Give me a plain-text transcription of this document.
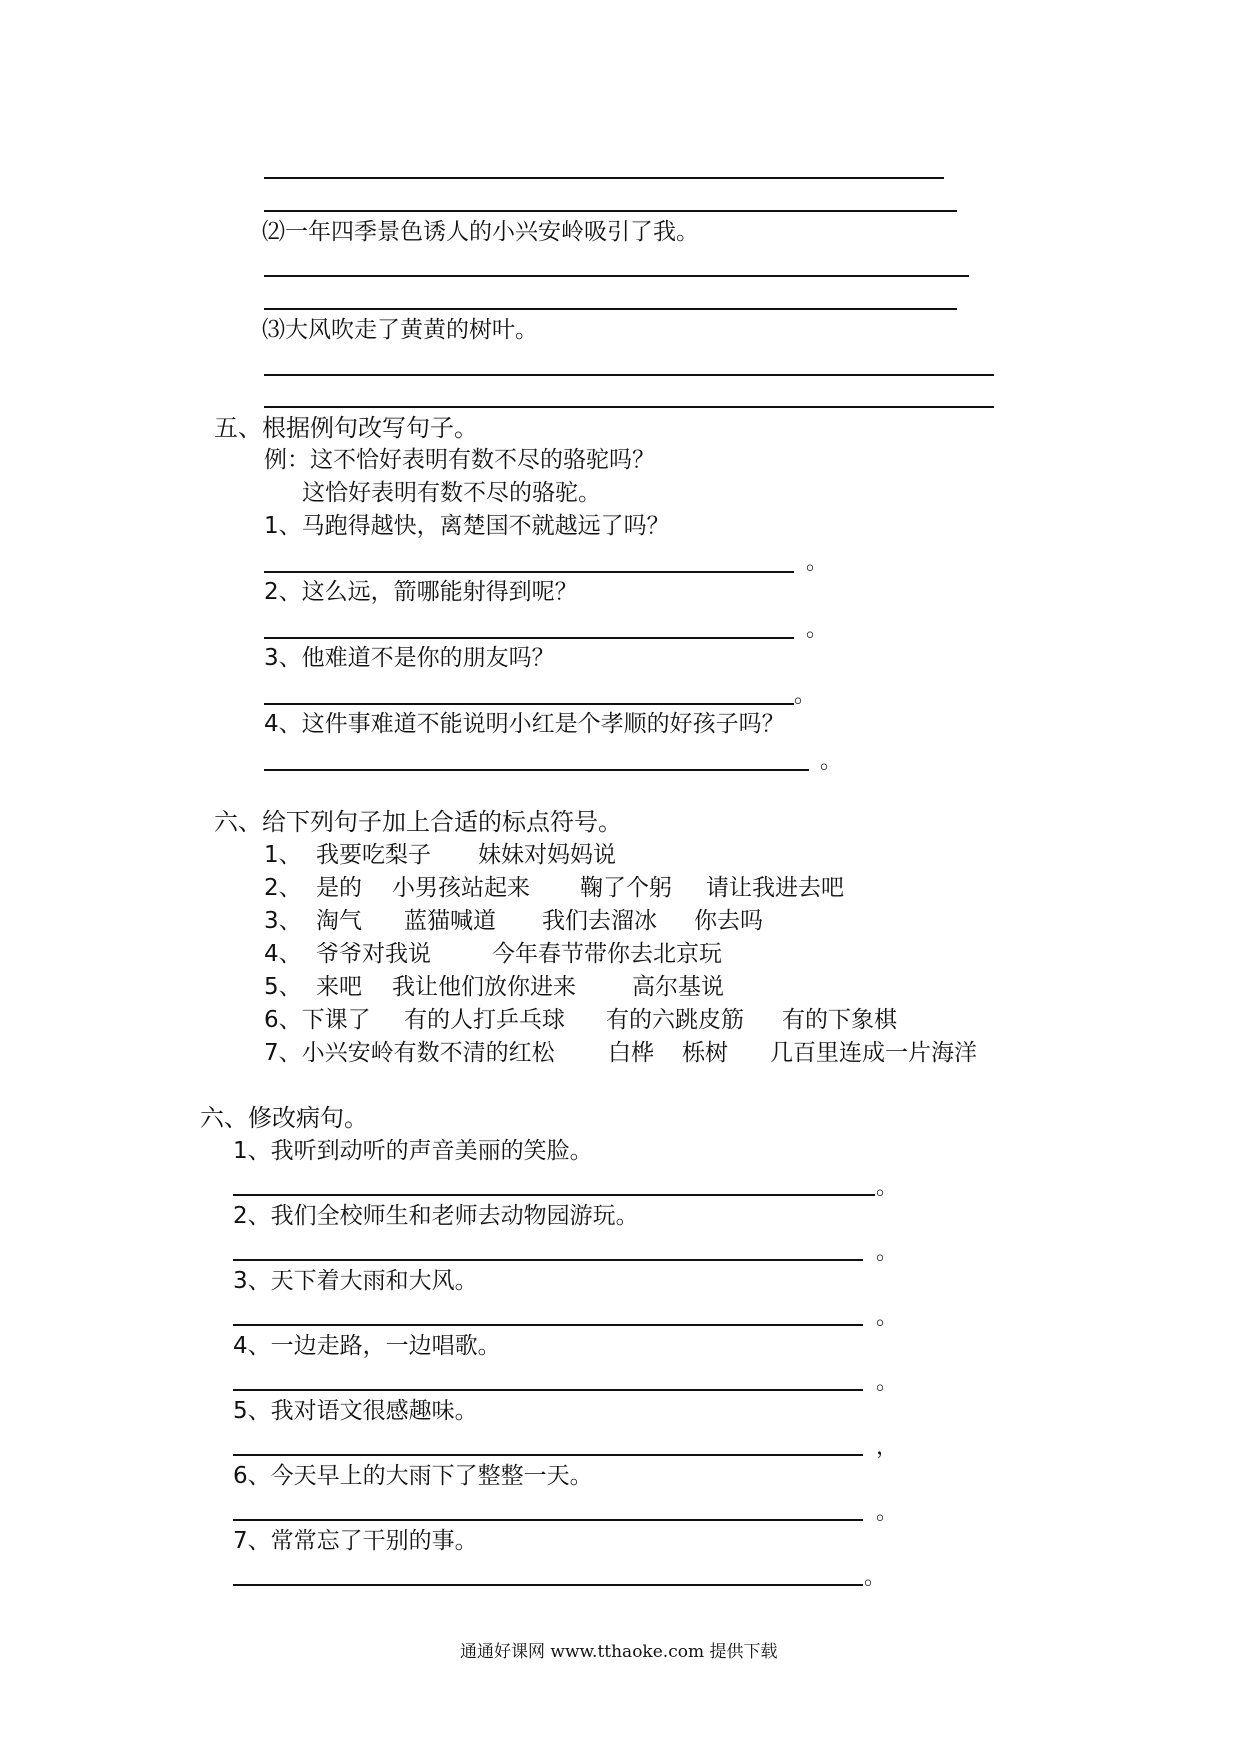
⑵一年四季景色诱人的小兴安岭吸引了我。
⑶大风吹走了黄黄的树叶。
五、根据例句改写句子。
例：这不恰好表明有数不尽的骆驼吗？
这恰好表明有数不尽的骆驼。
1、马跑得越快，离楚国不就越远了吗？
。
2、这么远，箭哪能射得到呢？
。
3、他难道不是你的朋友吗？
。
4、这件事难道不能说明小红是个孝顺的好孩子吗？
。
六、给下列句子加上合适的标点符号。
1、 我要吃梨子 妹妹对妈妈说
2、 是的 小男孩站起来 鞠了个躬 请让我进去吧
3、 淘气 蓝猫喊道 我们去溜冰 你去吗
4、 爷爷对我说	今年春节带你去北京玩
5、 来吧 我让他们放你进来 高尔基说
6、下课了 有的人打乒乓球 有的六跳皮筋 有的下象棋
7、小兴安岭有数不清的红松 白桦 栎树 几百里连成一片海洋
六、修改病句。
1、我听到动听的声音美丽的笑脸。
。
2、我们全校师生和老师去动物园游玩。
。
3、天下着大雨和大风。
。
4、一边走路，一边唱歌。
。
5、我对语文很感趣味。
，
6、今天早上的大雨下了整整一天。
。
7、常常忘了干别的事。
。
通通好课网 www.tthaoke.com 提供下载
